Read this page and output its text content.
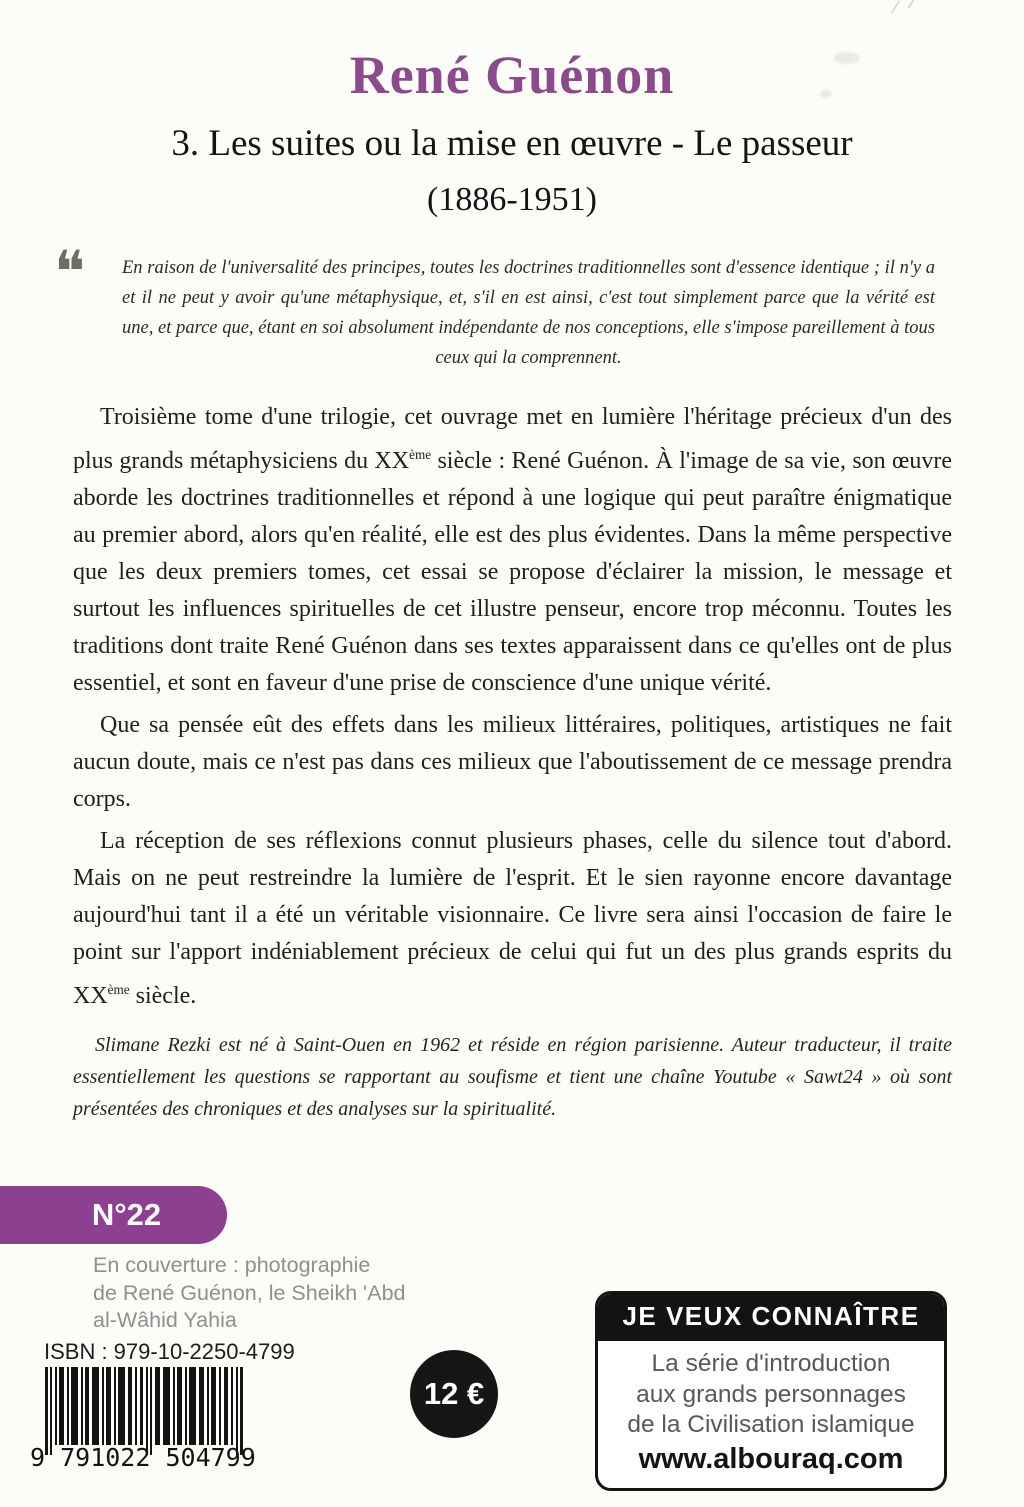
René Guénon
3. Les suites ou la mise en œuvre - Le passeur
(1886-1951)
❝ En raison de l'universalité des principes, toutes les doctrines traditionnelles sont d'essence identique ; il n'y a et il ne peut y avoir qu'une métaphysique, et, s'il en est ainsi, c'est tout simplement parce que la vérité est une, et parce que, étant en soi absolument indépendante de nos conceptions, elle s'impose pareillement à tous ceux qui la comprennent.

Troisième tome d'une trilogie, cet ouvrage met en lumière l'héritage précieux d'un des plus grands métaphysiciens du XXème siècle : René Guénon. À l'image de sa vie, son œuvre aborde les doctrines traditionnelles et répond à une logique qui peut paraître énigmatique au premier abord, alors qu'en réalité, elle est des plus évidentes. Dans la même perspective que les deux premiers tomes, cet essai se propose d'éclairer la mission, le message et surtout les influences spirituelles de cet illustre penseur, encore trop méconnu. Toutes les traditions dont traite René Guénon dans ses textes apparaissent dans ce qu'elles ont de plus essentiel, et sont en faveur d'une prise de conscience d'une unique vérité.

Que sa pensée eût des effets dans les milieux littéraires, politiques, artistiques ne fait aucun doute, mais ce n'est pas dans ces milieux que l'aboutissement de ce message prendra corps.

La réception de ses réflexions connut plusieurs phases, celle du silence tout d'abord. Mais on ne peut restreindre la lumière de l'esprit. Et le sien rayonne encore davantage aujourd'hui tant il a été un véritable visionnaire. Ce livre sera ainsi l'occasion de faire le point sur l'apport indéniablement précieux de celui qui fut un des plus grands esprits du XXème siècle.

Slimane Rezki est né à Saint-Ouen en 1962 et réside en région parisienne. Auteur traducteur, il traite essentiellement les questions se rapportant au soufisme et tient une chaîne Youtube « Sawt24 » où sont présentées des chroniques et des analyses sur la spiritualité.
N°22
En couverture : photographie
de René Guénon, le Sheikh 'Abd
al-Wâhid Yahia
ISBN : 979-10-2250-4799
9 791022 504799
12 €
JE VEUX CONNAÎTRE
La série d'introduction
aux grands personnages
de la Civilisation islamique
www.albouraq.com
